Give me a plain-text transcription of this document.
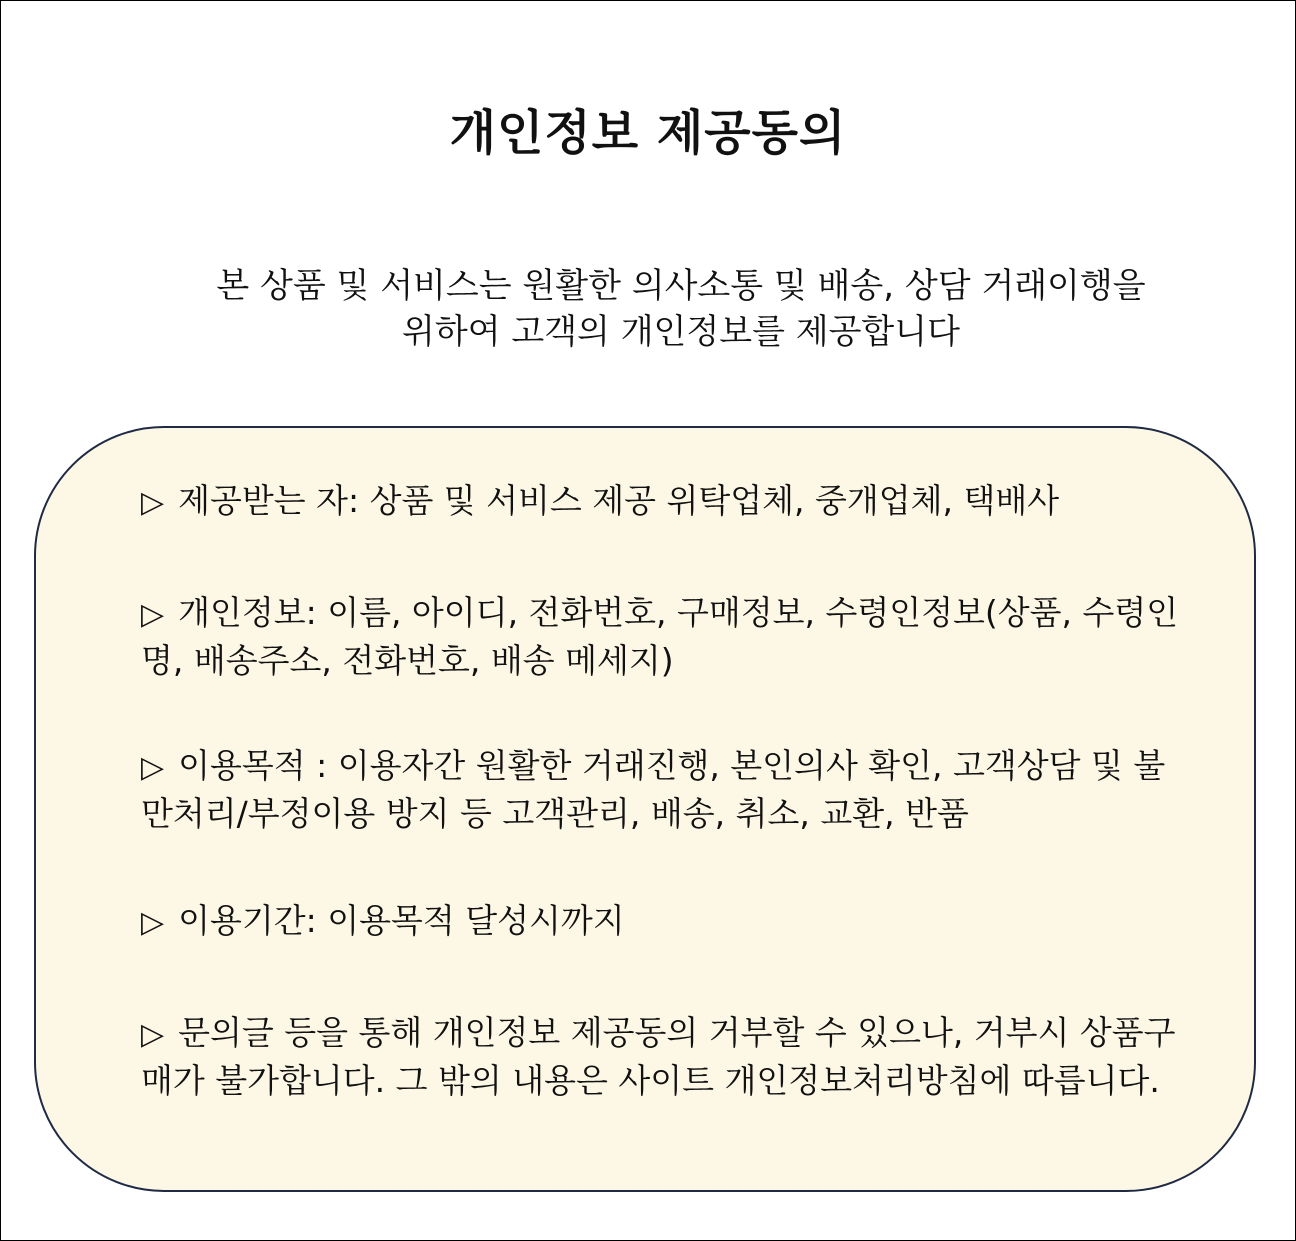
개인정보 제공동의

본 상품 및 서비스는 원활한 의사소통 및 배송, 상담 거래이행을
위하여 고객의 개인정보를 제공합니다

▷ 제공받는 자: 상품 및 서비스 제공 위탁업체, 중개업체, 택배사

▷ 개인정보: 이름, 아이디, 전화번호, 구매정보, 수령인정보(상품, 수령인명, 배송주소, 전화번호, 배송 메세지)

▷ 이용목적 : 이용자간 원활한 거래진행, 본인의사 확인, 고객상담 및 불만처리/부정이용 방지 등 고객관리, 배송, 취소, 교환, 반품

▷ 이용기간: 이용목적 달성시까지

▷ 문의글 등을 통해 개인정보 제공동의 거부할 수 있으나, 거부시 상품구매가 불가합니다. 그 밖의 내용은 사이트 개인정보처리방침에 따릅니다.
